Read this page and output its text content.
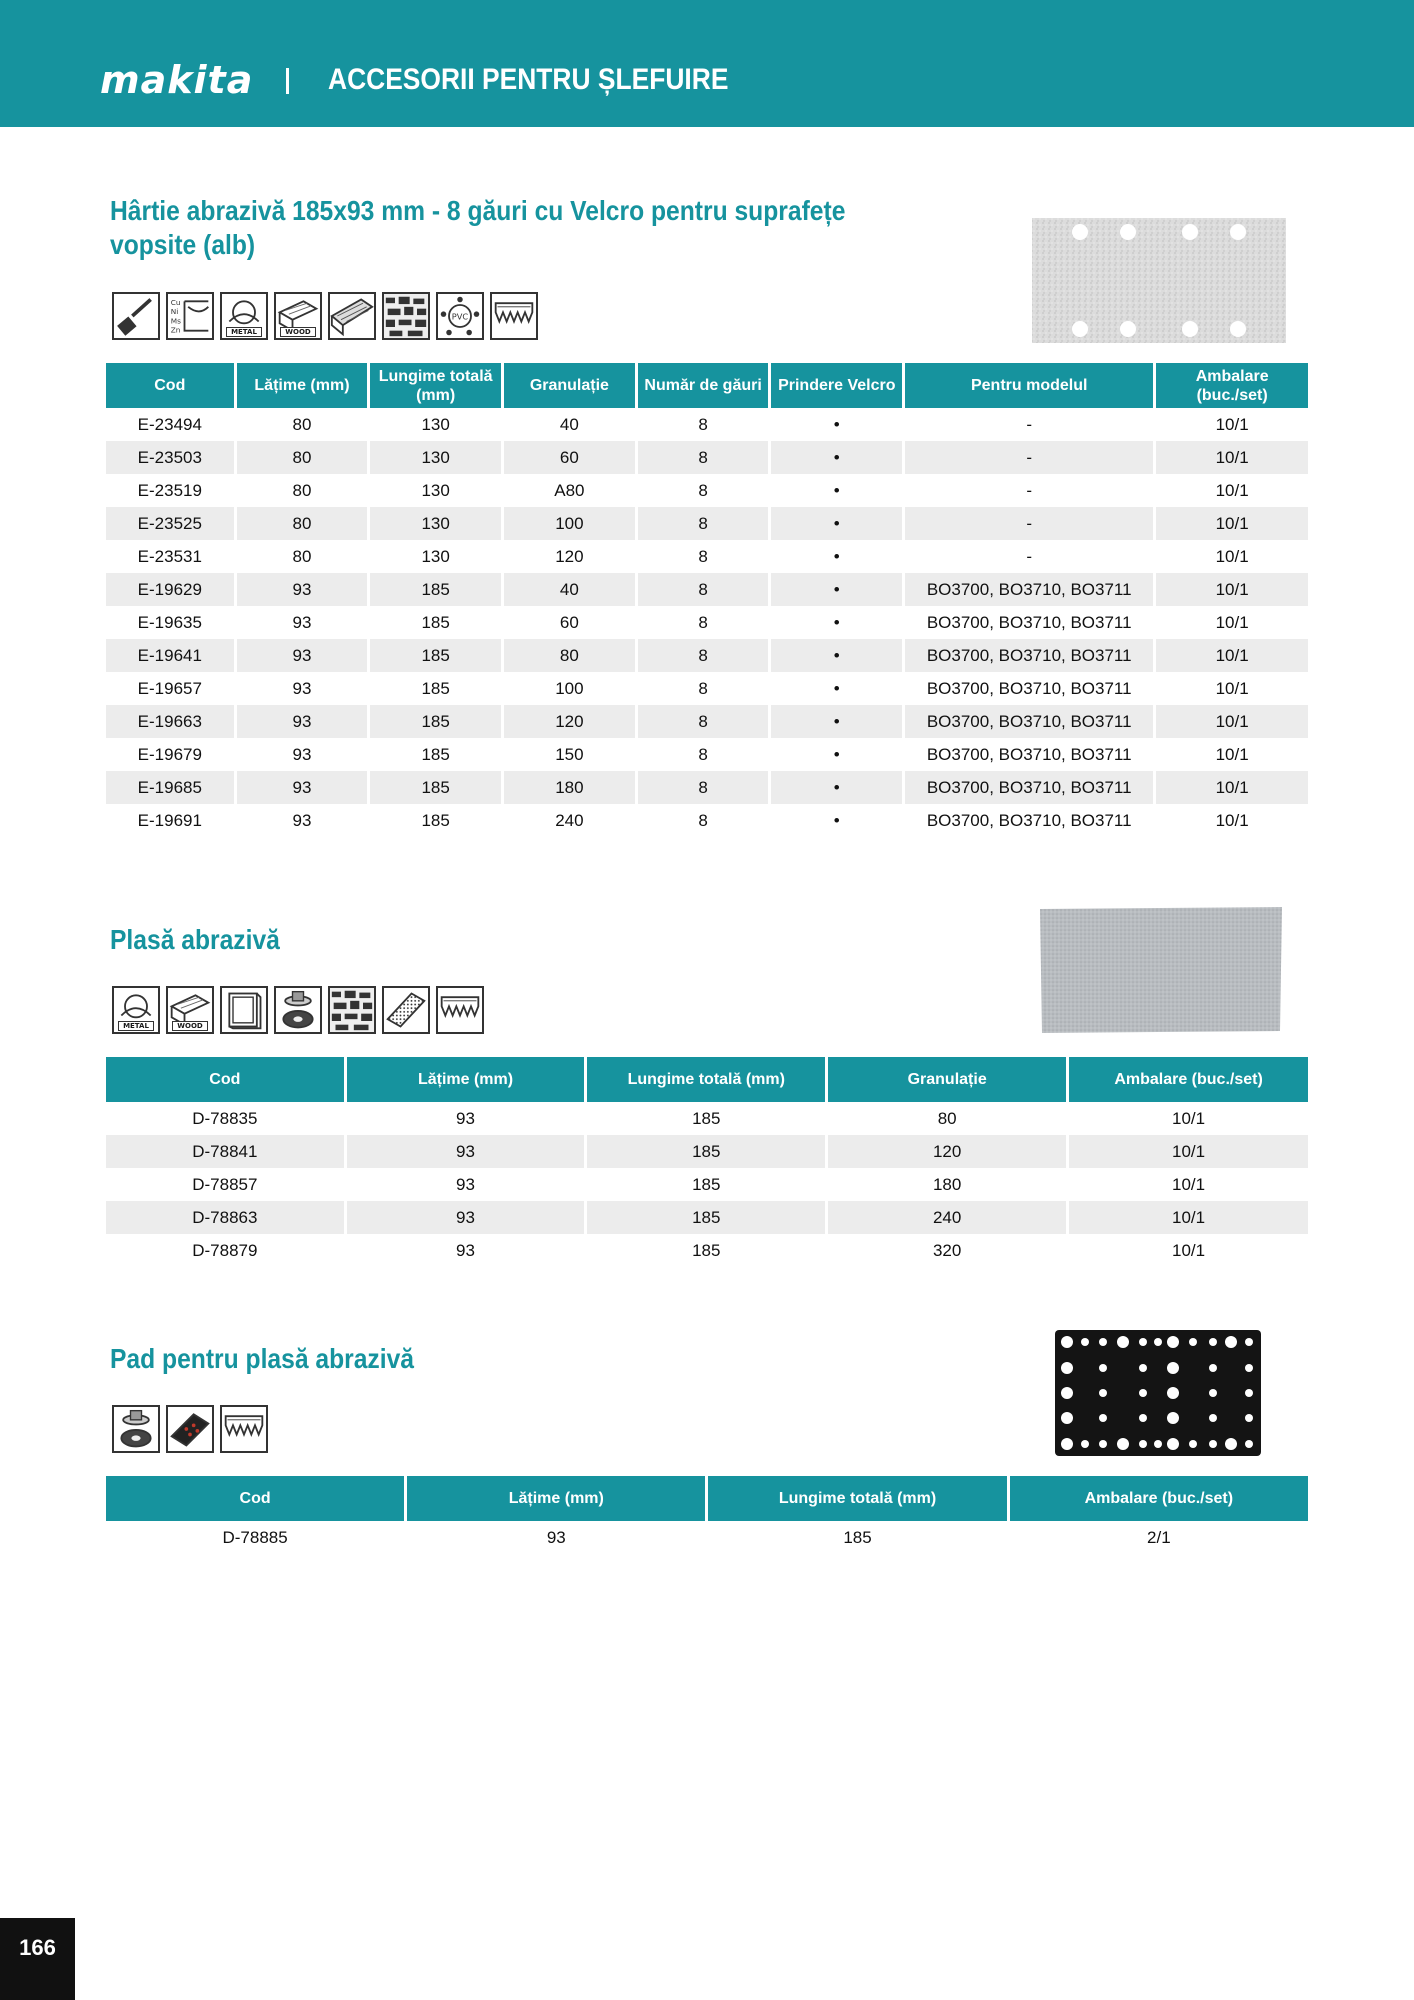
makita ACCESORII PENTRU ȘLEFUIRE
Hârtie abrazivă 185x93 mm - 8 găuri cu Velcro pentru suprafețe
vopsite (alb)
Cu
Ni
Ms
Zn	METAL	WOOD
PVC
Cod	Lățime (mm)	Lungime totală (mm)	Granulație	Număr de găuri	Prindere Velcro	Pentru modelul	Ambalare (buc./set)
E-23494	80	130	40	8	•	-	10/1
E-23503	80	130	60	8	•	-	10/1
E-23519	80	130	A80	8	•	-	10/1
E-23525	80	130	100	8	•	-	10/1
E-23531	80	130	120	8	•	-	10/1
E-19629	93	185	40	8	•	BO3700, BO3710, BO3711	10/1
E-19635	93	185	60	8	•	BO3700, BO3710, BO3711	10/1
E-19641	93	185	80	8	•	BO3700, BO3710, BO3711	10/1
E-19657	93	185	100	8	•	BO3700, BO3710, BO3711	10/1
E-19663	93	185	120	8	•	BO3700, BO3710, BO3711	10/1
E-19679	93	185	150	8	•	BO3700, BO3710, BO3711	10/1
E-19685	93	185	180	8	•	BO3700, BO3710, BO3711	10/1
E-19691	93	185	240	8	•	BO3700, BO3710, BO3711	10/1
Plasă abrazivă
METAL	WOOD
Cod	Lățime (mm)	Lungime totală (mm)	Granulație	Ambalare (buc./set)
D-78835	93	185	80	10/1
D-78841	93	185	120	10/1
D-78857	93	185	180	10/1
D-78863	93	185	240	10/1
D-78879	93	185	320	10/1
Pad pentru plasă abrazivă
Cod	Lățime (mm)	Lungime totală (mm)	Ambalare (buc./set)
D-78885	93	185	2/1
166
